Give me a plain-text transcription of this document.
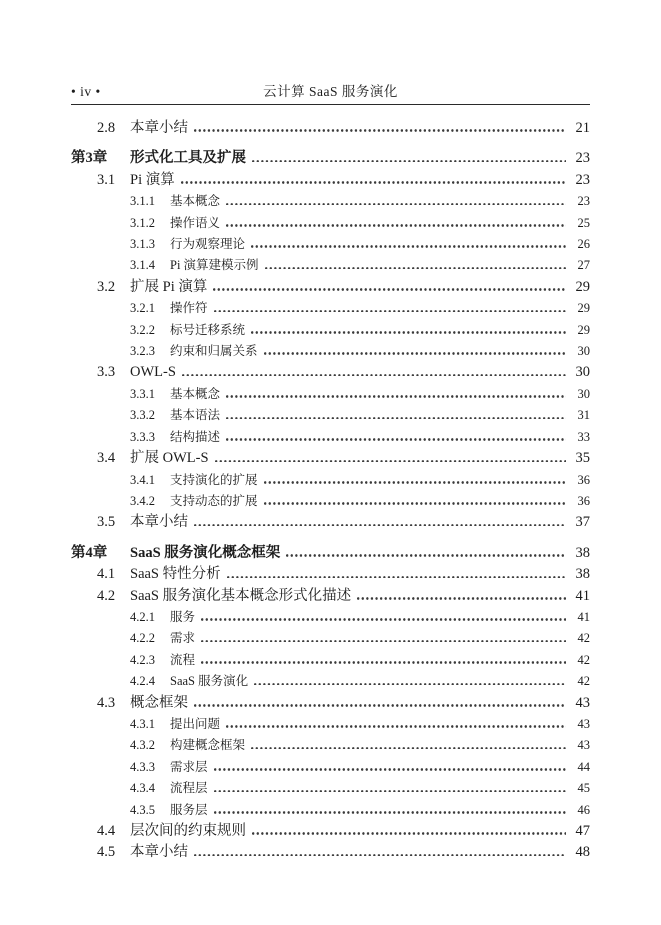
• iv •	云计算 SaaS 服务演化
2.8	本章小结	21
第3章	形式化工具及扩展	23
3.1	Pi 演算	23
3.1.1	基本概念	23
3.1.2	操作语义	25
3.1.3	行为观察理论	26
3.1.4	Pi 演算建模示例	27
3.2	扩展 Pi 演算	29
3.2.1	操作符	29
3.2.2	标号迁移系统	29
3.2.3	约束和归属关系	30
3.3	OWL-S	30
3.3.1	基本概念	30
3.3.2	基本语法	31
3.3.3	结构描述	33
3.4	扩展 OWL-S	35
3.4.1	支持演化的扩展	36
3.4.2	支持动态的扩展	36
3.5	本章小结	37
第4章	SaaS 服务演化概念框架	38
4.1	SaaS 特性分析	38
4.2	SaaS 服务演化基本概念形式化描述	41
4.2.1	服务	41
4.2.2	需求	42
4.2.3	流程	42
4.2.4	SaaS 服务演化	42
4.3	概念框架	43
4.3.1	提出问题	43
4.3.2	构建概念框架	43
4.3.3	需求层	44
4.3.4	流程层	45
4.3.5	服务层	46
4.4	层次间的约束规则	47
4.5	本章小结	48
